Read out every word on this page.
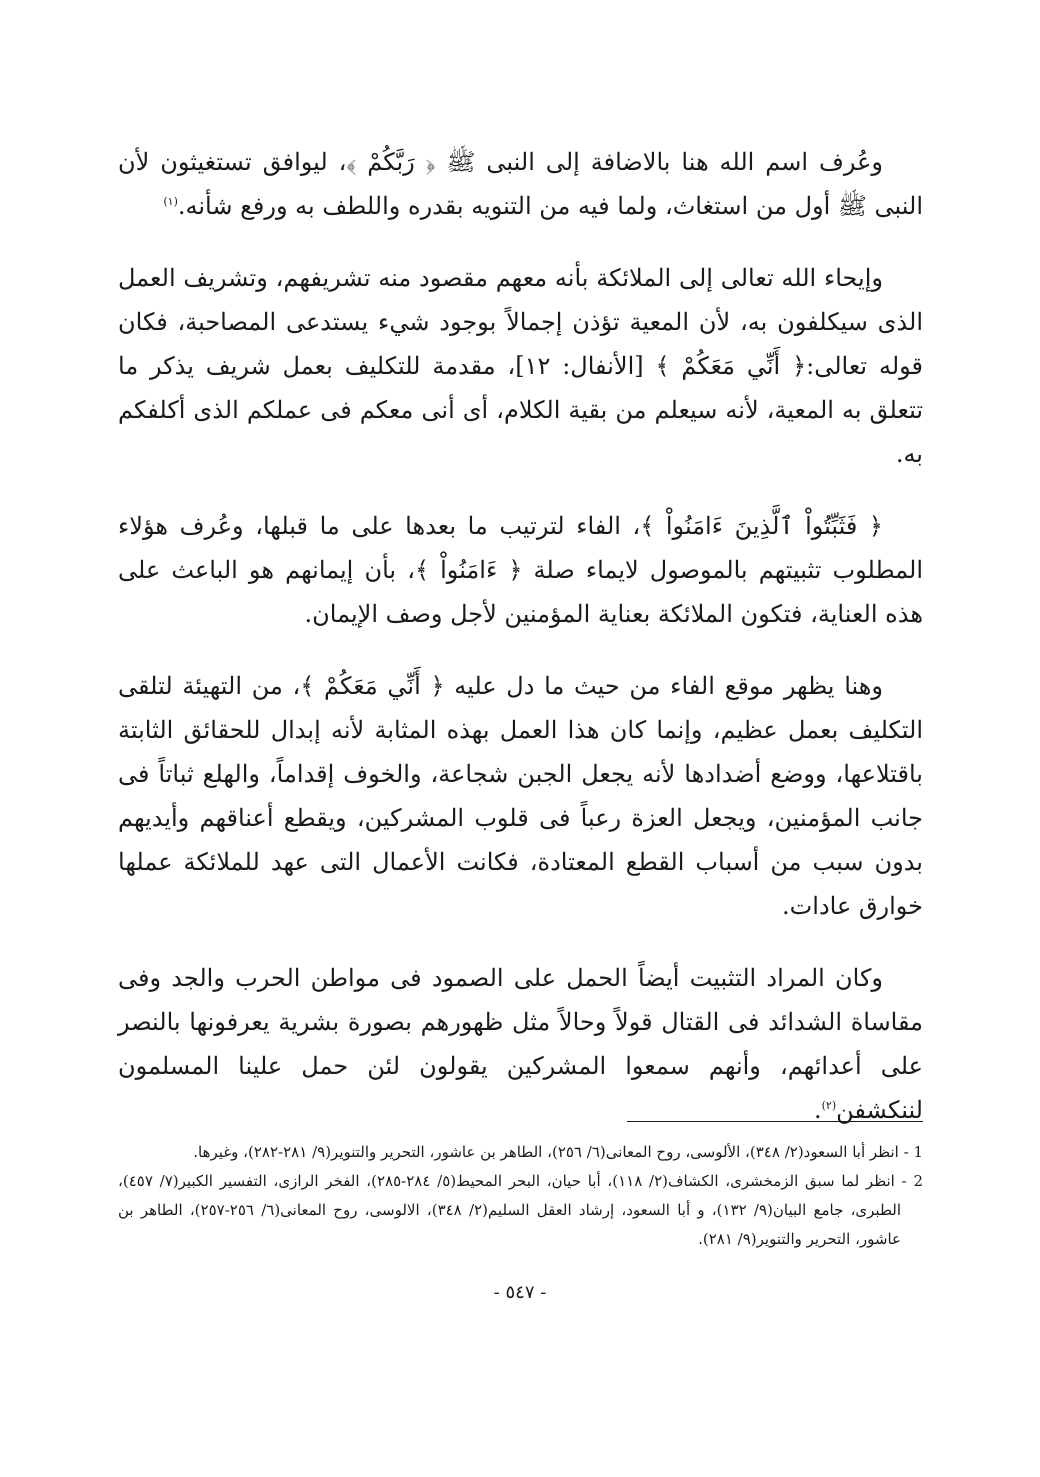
وعُرف اسم الله هنا بالاضافة إلى النبى ﷺ ﴿ رَبَّكُمْ ﴾، ليوافق تستغيثون لأن النبى ﷺ أول من استغاث، ولما فيه من التنويه بقدره واللطف به ورفع شأنه.$^{(١)}$

وإيحاء الله تعالى إلى الملائكة بأنه معهم مقصود منه تشريفهم، وتشريف العمل الذى سيكلفون به، لأن المعية تؤذن إجمالاً بوجود شيء يستدعى المصاحبة، فكان قوله تعالى:﴿ أَنِّي مَعَكُمْ ﴾ [الأنفال: ١٢]، مقدمة للتكليف بعمل شريف يذكر ما تتعلق به المعية، لأنه سيعلم من بقية الكلام، أى أنى معكم فى عملكم الذى أكلفكم به.

﴿ فَثَبِّتُواْ ٱلَّذِينَ ءَامَنُواْ ﴾، الفاء لترتيب ما بعدها على ما قبلها، وعُرف هؤلاء المطلوب تثبيتهم بالموصول لايماء صلة ﴿ ءَامَنُواْ ﴾، بأن إيمانهم هو الباعث على هذه العناية، فتكون الملائكة بعناية المؤمنين لأجل وصف الإيمان.

وهنا يظهر موقع الفاء من حيث ما دل عليه ﴿ أَنِّي مَعَكُمْ ﴾، من التهيئة لتلقى التكليف بعمل عظيم، وإنما كان هذا العمل بهذه المثابة لأنه إبدال للحقائق الثابتة باقتلاعها، ووضع أضدادها لأنه يجعل الجبن شجاعة، والخوف إقداماً، والهلع ثباتاً فى جانب المؤمنين، ويجعل العزة رعباً فى قلوب المشركين، ويقطع أعناقهم وأيديهم بدون سبب من أسباب القطع المعتادة، فكانت الأعمال التى عهد للملائكة عملها خوارق عادات.

وكان المراد التثبيت أيضاً الحمل على الصمود فى مواطن الحرب والجد وفى مقاساة الشدائد فى القتال قولاً وحالاً مثل ظهورهم بصورة بشرية يعرفونها بالنصر على أعدائهم، وأنهم سمعوا المشركين يقولون لئن حمل علينا المسلمون لننكشفن$^{(٢)}$.

1 - انظر أبا السعود(٢/ ٣٤٨)، الألوسى، روح المعانى(٦/ ٢٥٦)، الطاهر بن عاشور، التحرير والتنوير(٩/ ٢٨١-٢٨٢)، وغيرها.

2 - انظر لما سبق الزمخشرى، الكشاف(٢/ ١١٨)، أبا حيان، البحر المحيط(٥/ ٢٨٤-٢٨٥)، الفخر الرازى، التفسير الكبير(٧/ ٤٥٧)، الطبرى، جامع البيان(٩/ ١٣٢)، و أبا السعود، إرشاد العقل السليم(٢/ ٣٤٨)، الالوسى، روح المعانى(٦/ ٢٥٦-٢٥٧)، الطاهر بن عاشور، التحرير والتنوير(٩/ ٢٨١).

- ٥٤٧ -
